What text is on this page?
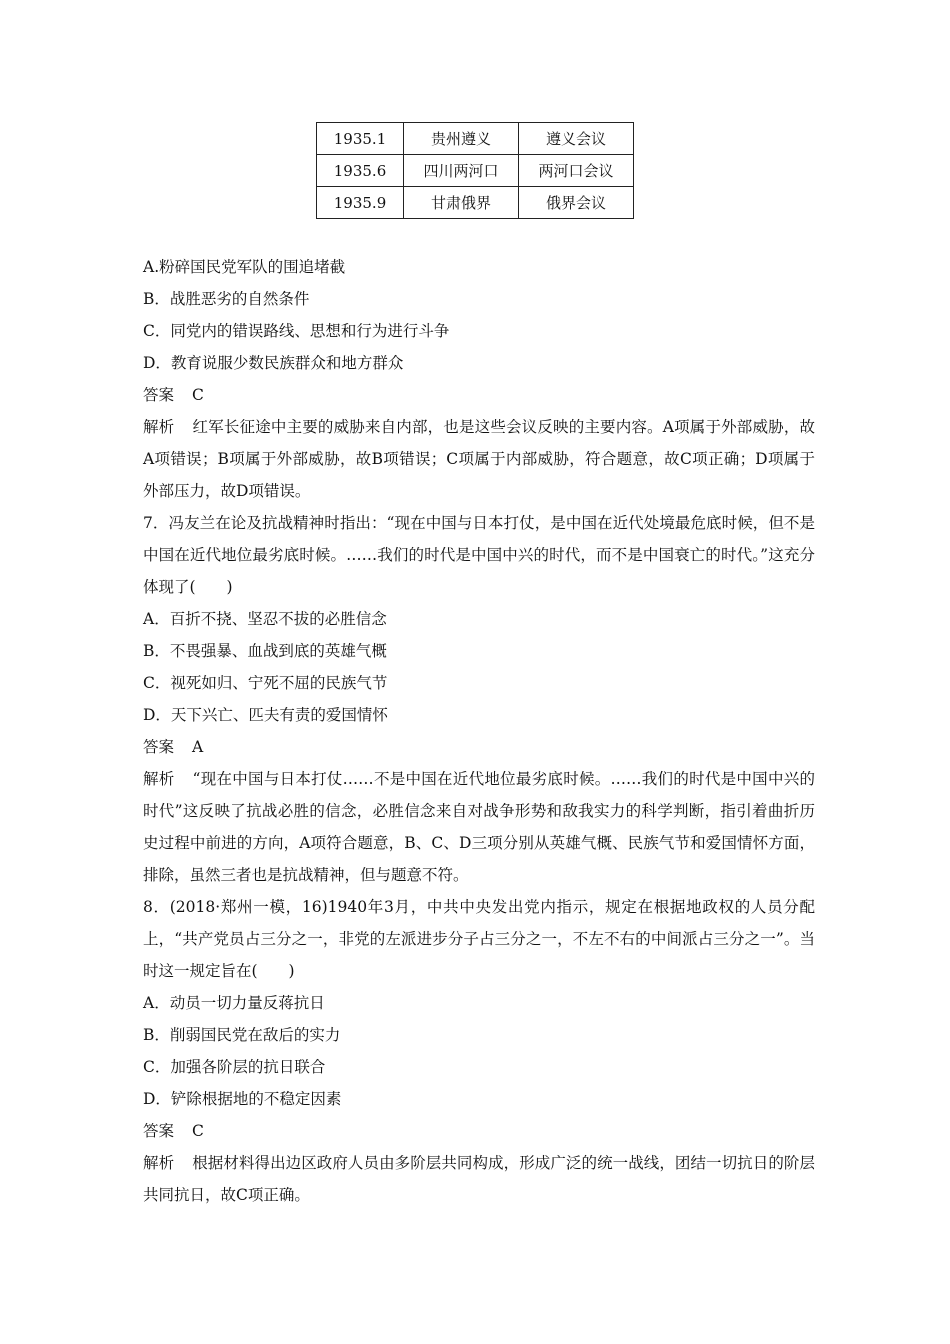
1935.1	贵州遵义	遵义会议
1935.6	四川两河口	两河口会议
1935.9	甘肃俄界	俄界会议
A.粉碎国民党军队的围追堵截
B．战胜恶劣的自然条件
C．同党内的错误路线、思想和行为进行斗争
D．教育说服少数民族群众和地方群众
答案 C
解析 红军长征途中主要的威胁来自内部，也是这些会议反映的主要内容。A项属于外部威胁，故A项错误；B项属于外部威胁，故B项错误；C项属于内部威胁，符合题意，故C项正确；D项属于外部压力，故D项错误。
7．冯友兰在论及抗战精神时指出：“现在中国与日本打仗，是中国在近代处境最危底时候，但不是中国在近代地位最劣底时候。……我们的时代是中国中兴的时代，而不是中国衰亡的时代。”这充分体现了(　　)
A．百折不挠、坚忍不拔的必胜信念
B．不畏强暴、血战到底的英雄气概
C．视死如归、宁死不屈的民族气节
D．天下兴亡、匹夫有责的爱国情怀
答案 A
解析 “现在中国与日本打仗……不是中国在近代地位最劣底时候。……我们的时代是中国中兴的时代”这反映了抗战必胜的信念，必胜信念来自对战争形势和敌我实力的科学判断，指引着曲折历史过程中前进的方向，A项符合题意，B、C、D三项分别从英雄气概、民族气节和爱国情怀方面，排除，虽然三者也是抗战精神，但与题意不符。
8．(2018·郑州一模，16)1940年3月，中共中央发出党内指示，规定在根据地政权的人员分配上，“共产党员占三分之一，非党的左派进步分子占三分之一，不左不右的中间派占三分之一”。当时这一规定旨在(　　)
A．动员一切力量反蒋抗日
B．削弱国民党在敌后的实力
C．加强各阶层的抗日联合
D．铲除根据地的不稳定因素
答案 C
解析 根据材料得出边区政府人员由多阶层共同构成，形成广泛的统一战线，团结一切抗日的阶层共同抗日，故C项正确。
